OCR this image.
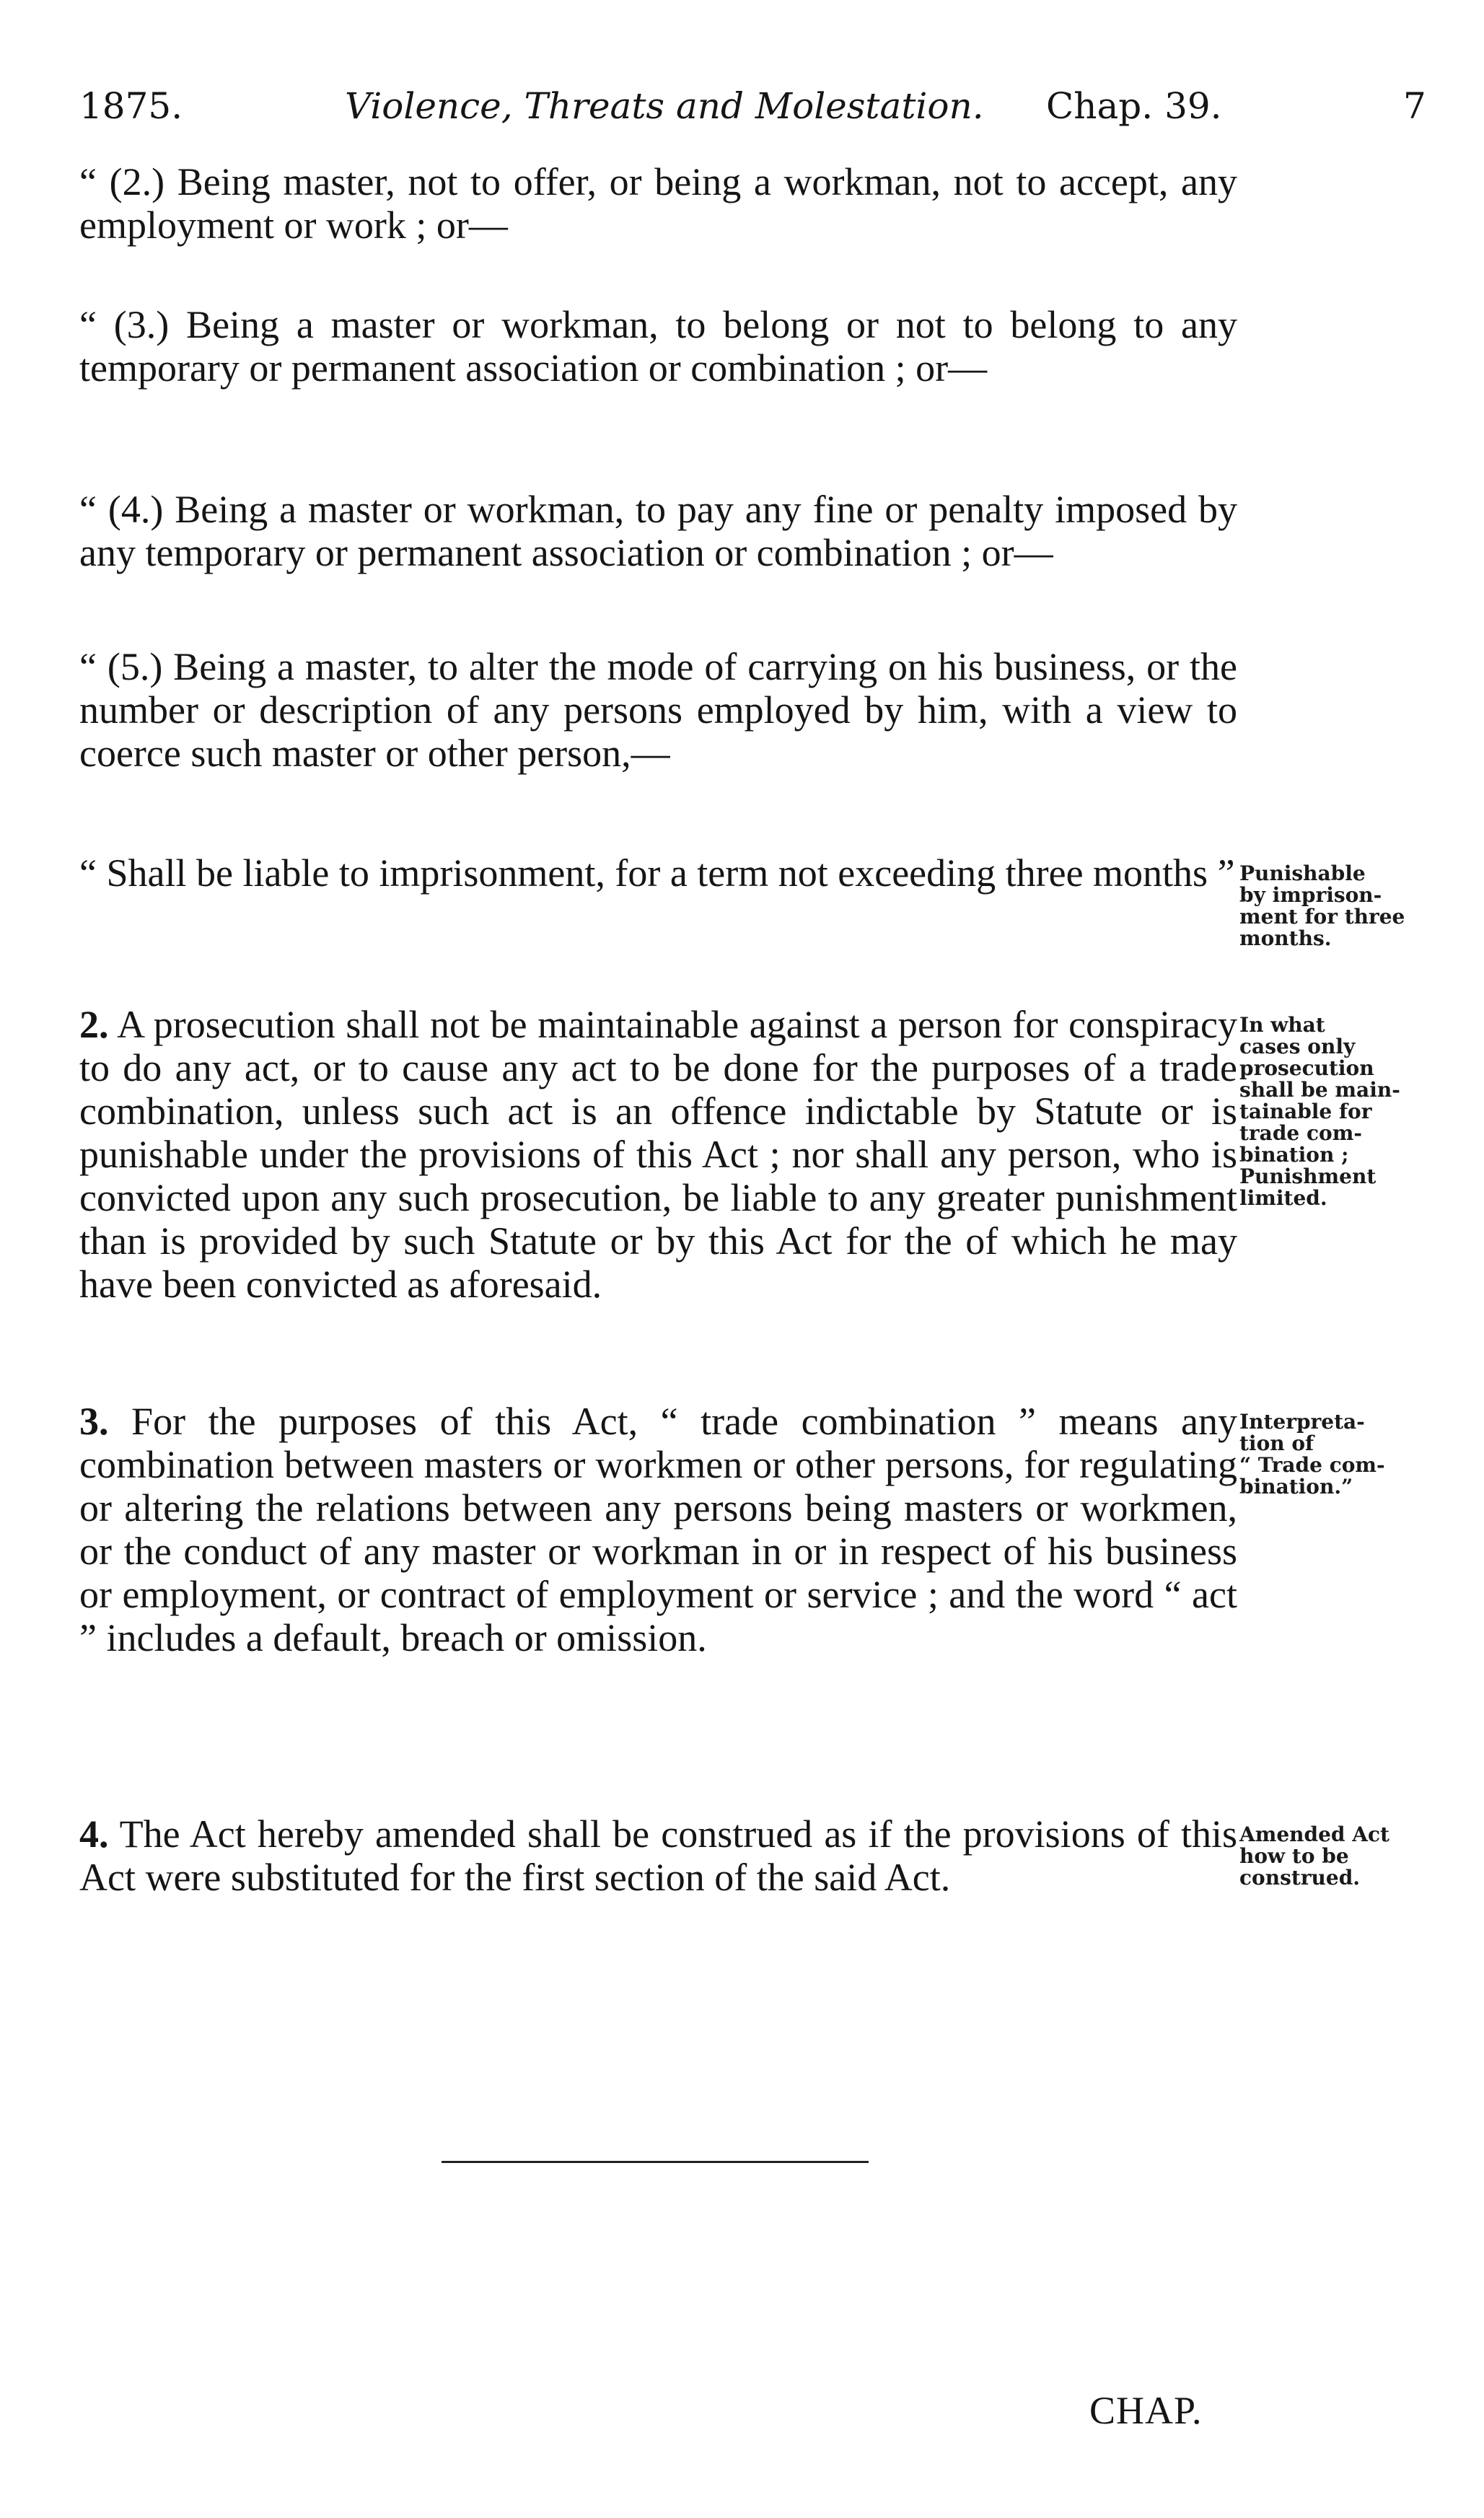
1875.	Violence, Threats and Molestation. Chap. 39.	7

“ (2.) Being master, not to offer, or being a workman, not to accept, any employment or work ; or—

“ (3.) Being a master or workman, to belong or not to belong to any temporary or permanent association or combination ; or—

“ (4.) Being a master or workman, to pay any fine or penalty imposed by any temporary or permanent association or combination ; or—

“ (5.) Being a master, to alter the mode of carrying on his business, or the number or description of any persons employed by him, with a view to coerce such master or other person,—

“ Shall be liable to imprisonment, for a term not exceeding three months ” Punishable
by imprison-
ment for three
months.

2. A prosecution shall not be maintainable against a person for conspiracy to do any act, or to cause any act to be done for the purposes of a trade combination, unless such act is an offence indictable by Statute or is punishable under the provisions of this Act ; nor shall any person, who is convicted upon any such prosecution, be liable to any greater punishment than is provided by such Statute or by this Act for the of which he may have been convicted as aforesaid.

In what
cases only
prosecution
shall be main-
tainable for
trade com-
bination ;
Punishment
limited.

3. For the purposes of this Act, “ trade combination ” means any combination between masters or workmen or other persons, for regulating or altering the relations between any persons being masters or workmen, or the conduct of any master or workman in or in respect of his business or employment, or contract of employment or service ; and the word “ act ” includes a default, breach or omission.

Interpreta-
tion of
“ Trade com-
bination.”

4. The Act hereby amended shall be construed as if the provisions of this Act were substituted for the first section of the said Act.

Amended Act
how to be
construed.
CHAP.
